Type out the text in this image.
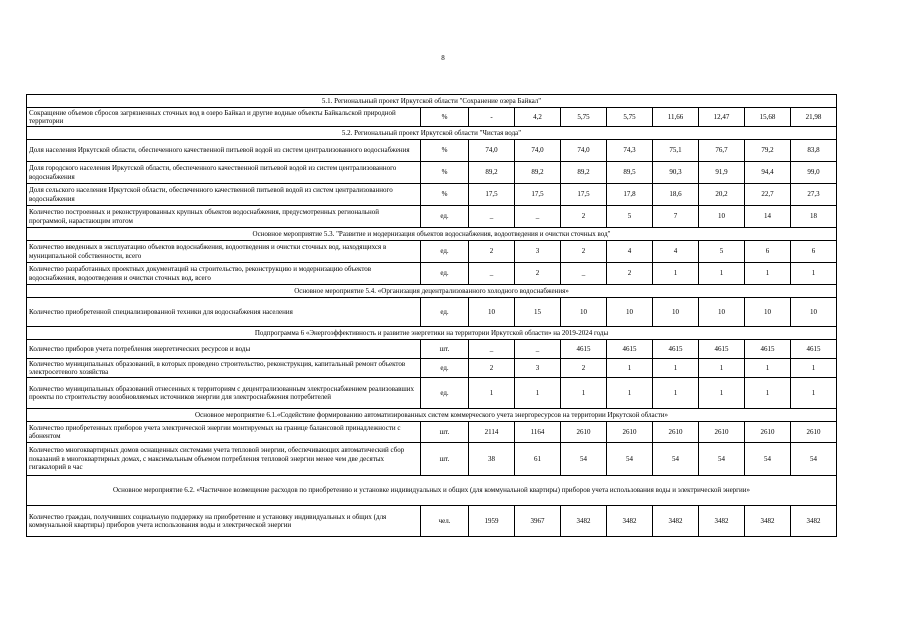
8
5.1. Региональный проект Иркутской области "Сохранение озера Байкал"									
Сокращение объемов сбросов загрязненных сточных вод в озеро Байкал и другие водные объекты Байкальской природной территории	%	-	4,2	5,75	5,75	11,66	12,47	15,68	21,98
5.2. Региональный проект Иркутской области "Чистая вода"									
Доля населения Иркутской области, обеспеченного качественной питьевой водой из систем централизованного водоснабжения	%	74,0	74,0	74,0	74,3	75,1	76,7	79,2	83,8
Доля городского населения Иркутской области, обеспеченного качественной питьевой водой из систем централизованного водоснабжения	%	89,2	89,2	89,2	89,5	90,3	91,9	94,4	99,0
Доля сельского населения Иркутской области, обеспеченного качественной питьевой водой из систем централизованного водоснабжения	%	17,5	17,5	17,5	17,8	18,6	20,2	22,7	27,3
Количество построенных и реконструированных крупных объектов водоснабжения, предусмотренных региональной программой, нарастающим итогом	ед.	_	_	2	5	7	10	14	18
Основное мероприятие 5.3. "Развитие и модернизация объектов водоснабжения, водоотведения и очистки сточных вод"									
Количество введенных в эксплуатацию объектов водоснабжения, водоотведения и очистки сточных вод, находящихся в муниципальной собственности, всего	ед.	2	3	2	4	4	5	6	6
Количество разработанных проектных документаций на строительство, реконструкцию и модернизацию объектов водоснабжения, водоотведения и очистки сточных вод, всего	ед.	_	2	_	2	1	1	1	1
Основное мероприятие 5.4. «Организация децентрализованного холодного водоснабжения»									
Количество приобретенной специализированной техники для водоснабжения населения	ед.	10	15	10	10	10	10	10	10
Подпрограмма 6 «Энергоэффективность и развитие энергетики на территории Иркутской области» на 2019-2024 годы									
Количество приборов учета потребления энергетических ресурсов и воды	шт.	_	_	4615	4615	4615	4615	4615	4615
Количество муниципальных образований, в которых проведено строительство, реконструкция, капитальный ремонт объектов электросетевого хозяйства	ед.	2	3	2	1	1	1	1	1
Количество муниципальных образований отнесенных к территориям с децентрализованным электроснабжением реализовавших проекты по строительству возобновляемых источников энергии для электроснабжения потребителей	ед.	1	1	1	1	1	1	1	1
Основное мероприятие 6.1.«Содействие формированию автоматизированных систем коммерческого учета энергоресурсов на территории Иркутской области»									
Количество приобретенных приборов учета электрической энергии монтируемых на границе балансовой принадлежности с абонентом	шт.	2114	1164	2610	2610	2610	2610	2610	2610
Количество многоквартирных домов оснащенных системами учета тепловой энергии, обеспечивающих автоматический сбор показаний в многоквартирных домах, с максимальным объемом потребления тепловой энергии менее чем две десятых гигакалорий в час	шт.	38	61	54	54	54	54	54	54
Основное мероприятие 6.2. «Частичное возмещение расходов по приобретению и установке индивидуальных и общих (для коммунальной квартиры) приборов учета использования воды и электрической энергии»									
Количество граждан, получивших социальную поддержку на приобретение и установку индивидуальных и общих (для коммунальной квартиры) приборов учета использования воды и электрической энергии	чел.	1959	3967	3482	3482	3482	3482	3482	3482
